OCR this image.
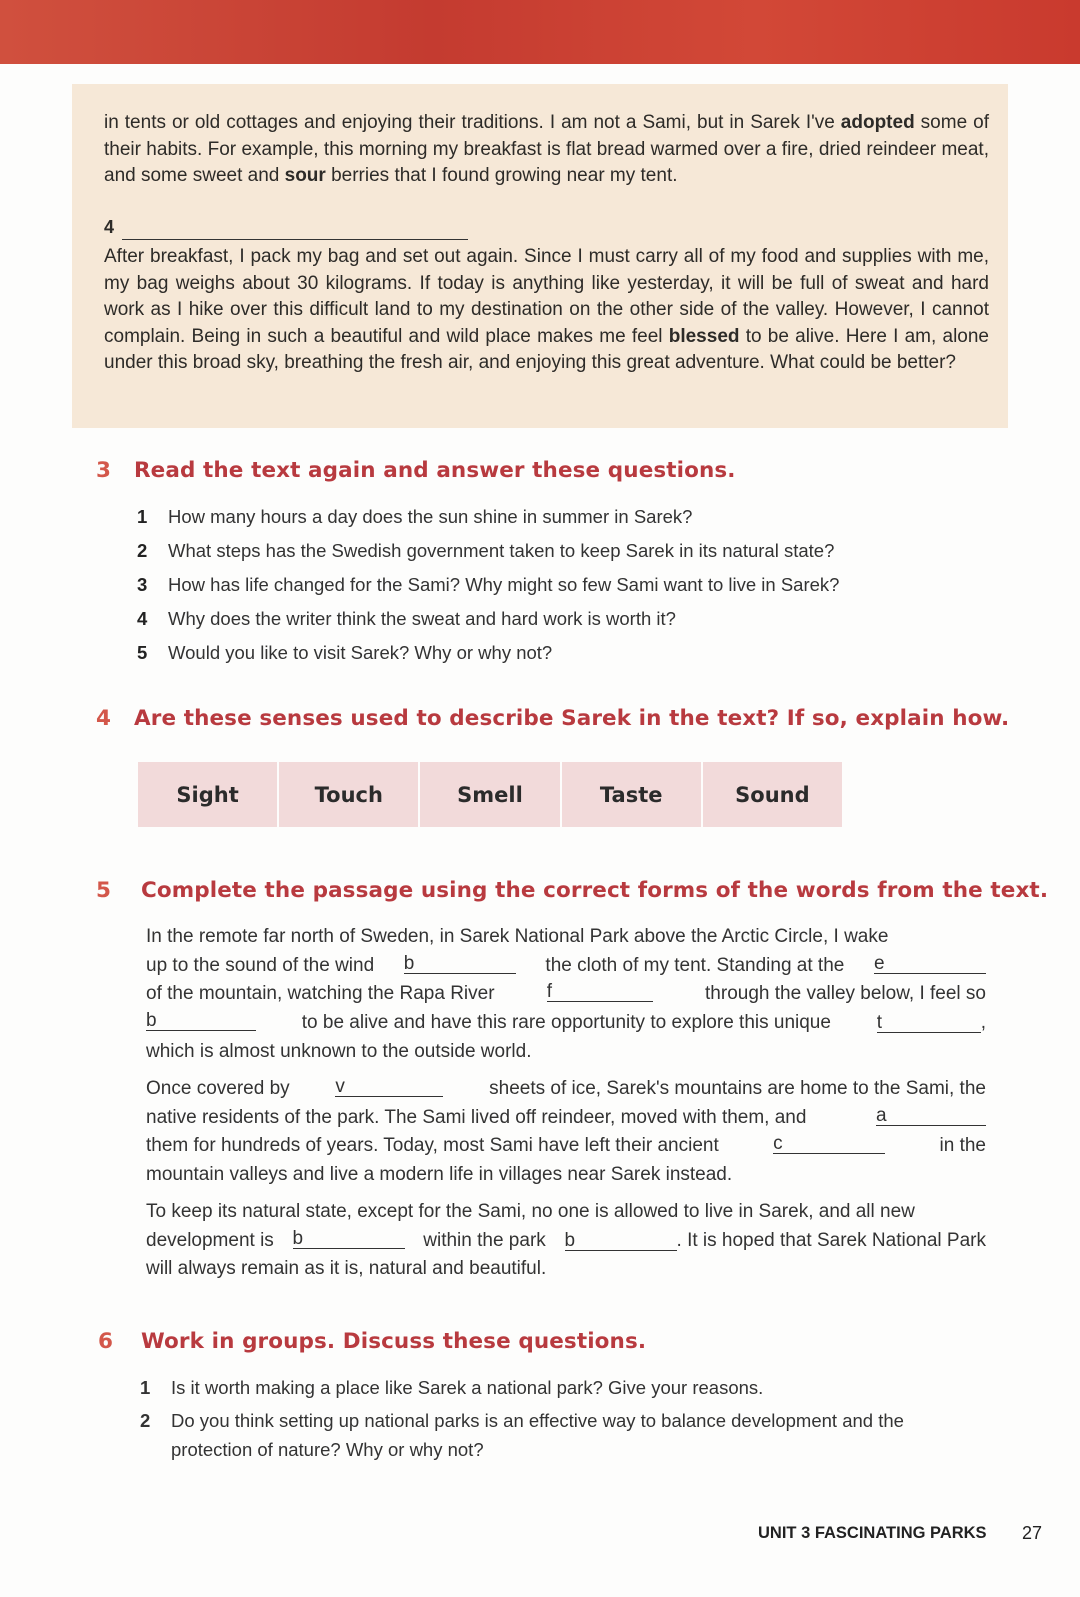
in tents or old cottages and enjoying their traditions. I am not a Sami, but in Sarek I've adopted some of their habits. For example, this morning my breakfast is flat bread warmed over a fire, dried reindeer meat, and some sweet and sour berries that I found growing near my tent.

4

After breakfast, I pack my bag and set out again. Since I must carry all of my food and supplies with me, my bag weighs about 30 kilograms. If today is anything like yesterday, it will be full of sweat and hard work as I hike over this difficult land to my destination on the other side of the valley. However, I cannot complain. Being in such a beautiful and wild place makes me feel blessed to be alive. Here I am, alone under this broad sky, breathing the fresh air, and enjoying this great adventure. What could be better?

3 Read the text again and answer these questions.
1 How many hours a day does the sun shine in summer in Sarek?
2 What steps has the Swedish government taken to keep Sarek in its natural state?
3 How has life changed for the Sami? Why might so few Sami want to live in Sarek?
4 Why does the writer think the sweat and hard work is worth it?
5 Would you like to visit Sarek? Why or why not?
4 Are these senses used to describe Sarek in the text? If so, explain how.
Sight	Touch	Smell	Taste	Sound
5 Complete the passage using the correct forms of the words from the text.
In the remote far north of Sweden, in Sarek National Park above the Arctic Circle, I wake
up to the sound of the wind b	the cloth of my tent. Standing at the e
of the mountain, watching the Rapa River	f	through the valley below, I feel so
b	to be alive and have this rare opportunity to explore this unique t	,
which is almost unknown to the outside world.
Once covered by v	sheets of ice, Sarek's mountains are home to the Sami, the
native residents of the park. The Sami lived off reindeer, moved with them, and	a
them for hundreds of years. Today, most Sami have left their ancient	c	in the
mountain valleys and live a modern life in villages near Sarek instead.
To keep its natural state, except for the Sami, no one is allowed to live in Sarek, and all new
development is b	within the park b	. It is hoped that Sarek National Park
will always remain as it is, natural and beautiful.
6 Work in groups. Discuss these questions.
1 Is it worth making a place like Sarek a national park? Give your reasons.
2 Do you think setting up national parks is an effective way to balance development and the
protection of nature? Why or why not?
UNIT 3 FASCINATING PARKS 27
